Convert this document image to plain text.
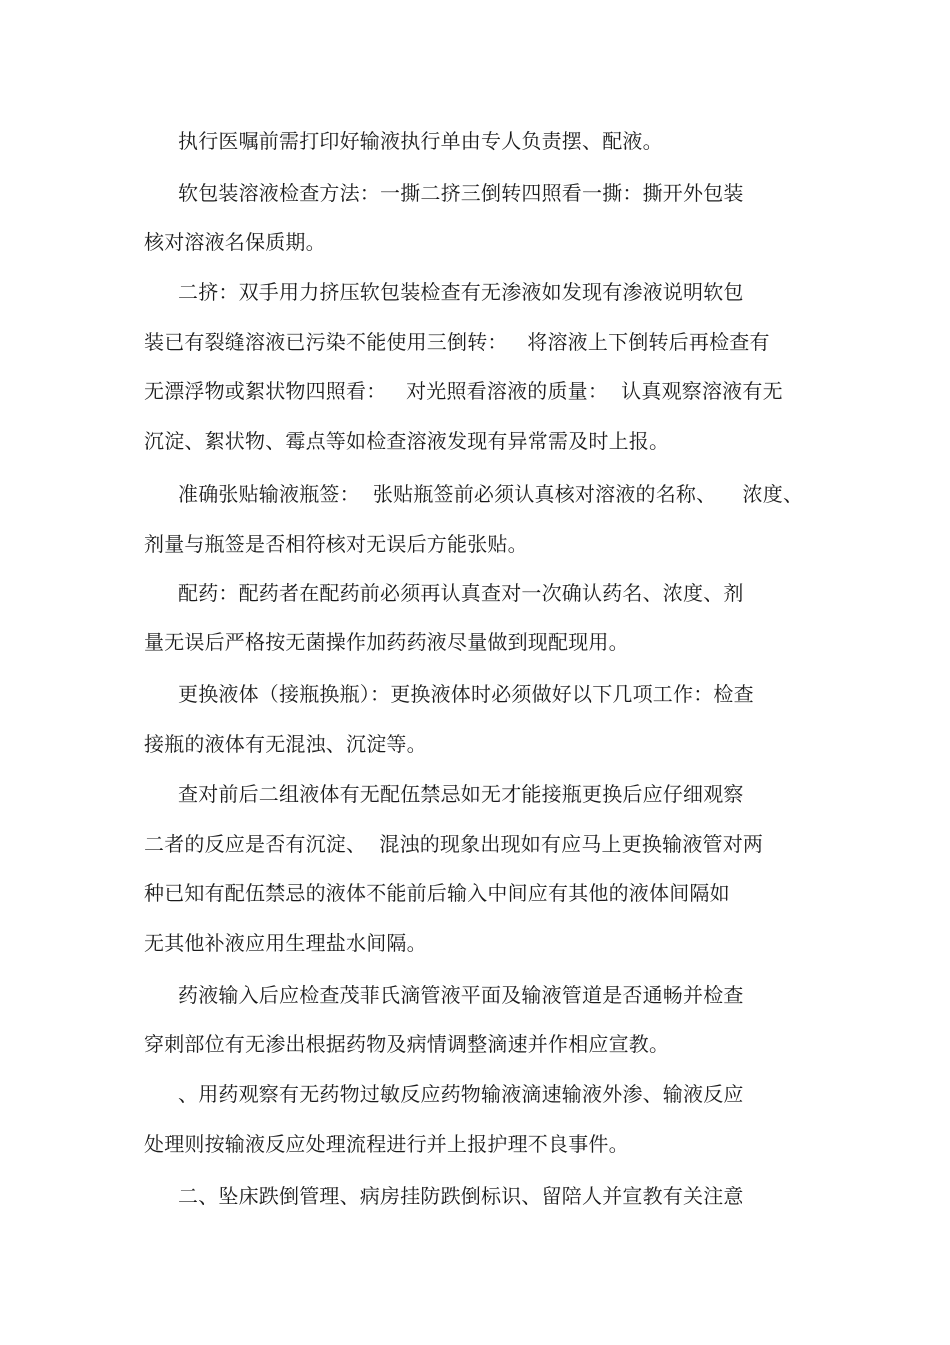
执行医嘱前需打印好输液执行单由专人负责摆、配液。
软包装溶液检查方法：一撕二挤三倒转四照看一撕：撕开外包装
核对溶液名保质期。
二挤：双手用力挤压软包装检查有无渗液如发现有渗液说明软包
装已有裂缝溶液已污染不能使用三倒转：   将溶液上下倒转后再检查有
无漂浮物或絮状物四照看：   对光照看溶液的质量：  认真观察溶液有无
沉淀、絮状物、霉点等如检查溶液发现有异常需及时上报。
准确张贴输液瓶签：  张贴瓶签前必须认真核对溶液的名称、    浓度、
剂量与瓶签是否相符核对无误后方能张贴。
配药：配药者在配药前必须再认真查对一次确认药名、浓度、剂
量无误后严格按无菌操作加药药液尽量做到现配现用。
更换液体（接瓶换瓶）：更换液体时必须做好以下几项工作：检查
接瓶的液体有无混浊、沉淀等。
查对前后二组液体有无配伍禁忌如无才能接瓶更换后应仔细观察
二者的反应是否有沉淀、  混浊的现象出现如有应马上更换输液管对两
种已知有配伍禁忌的液体不能前后输入中间应有其他的液体间隔如
无其他补液应用生理盐水间隔。
药液输入后应检查茂菲氏滴管液平面及输液管道是否通畅并检查
穿刺部位有无渗出根据药物及病情调整滴速并作相应宣教。
、用药观察有无药物过敏反应药物输液滴速输液外渗、输液反应
处理则按输液反应处理流程进行并上报护理不良事件。
二、坠床跌倒管理、病房挂防跌倒标识、留陪人并宣教有关注意
